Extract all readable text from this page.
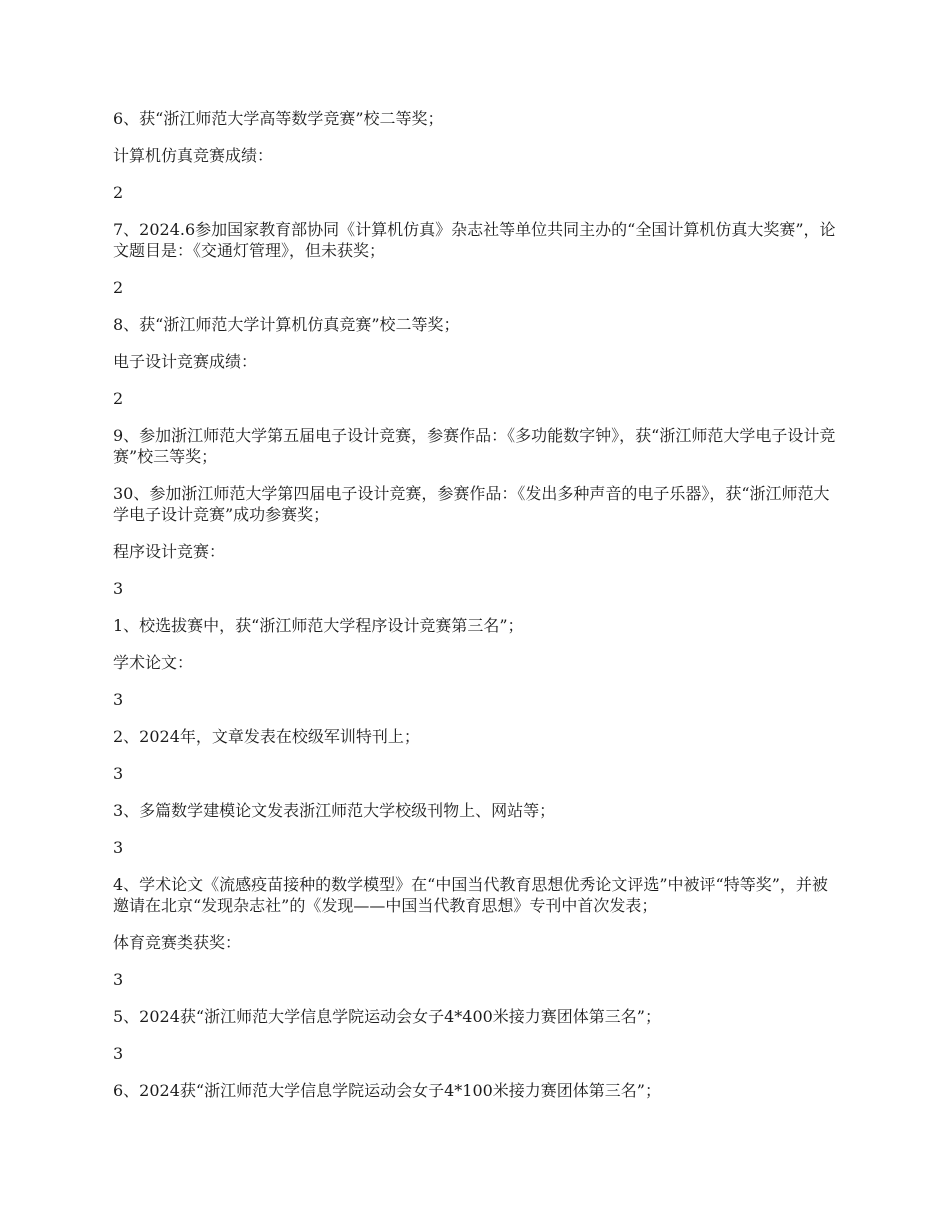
6、获“浙江师范大学高等数学竞赛”校二等奖；

计算机仿真竞赛成绩：

2

7、2024.6参加国家教育部协同《计算机仿真》杂志社等单位共同主办的“全国计算机仿真大奖赛”，论文题目是：《交通灯管理》，但未获奖；

2

8、获“浙江师范大学计算机仿真竞赛”校二等奖；

电子设计竞赛成绩：

2

9、参加浙江师范大学第五届电子设计竞赛，参赛作品：《多功能数字钟》，获“浙江师范大学电子设计竞赛”校三等奖；

30、参加浙江师范大学第四届电子设计竞赛，参赛作品：《发出多种声音的电子乐器》，获“浙江师范大学电子设计竞赛”成功参赛奖；

程序设计竞赛：

3

1、校选拔赛中，获“浙江师范大学程序设计竞赛第三名”；

学术论文：

3

2、2024年，文章发表在校级军训特刊上；

3

3、多篇数学建模论文发表浙江师范大学校级刊物上、网站等；

3

4、学术论文《流感疫苗接种的数学模型》在“中国当代教育思想优秀论文评选”中被评“特等奖”，并被邀请在北京“发现杂志社”的《发现——中国当代教育思想》专刊中首次发表；

体育竞赛类获奖：

3

5、2024获“浙江师范大学信息学院运动会女子4*400米接力赛团体第三名”；

3

6、2024获“浙江师范大学信息学院运动会女子4*100米接力赛团体第三名”；
